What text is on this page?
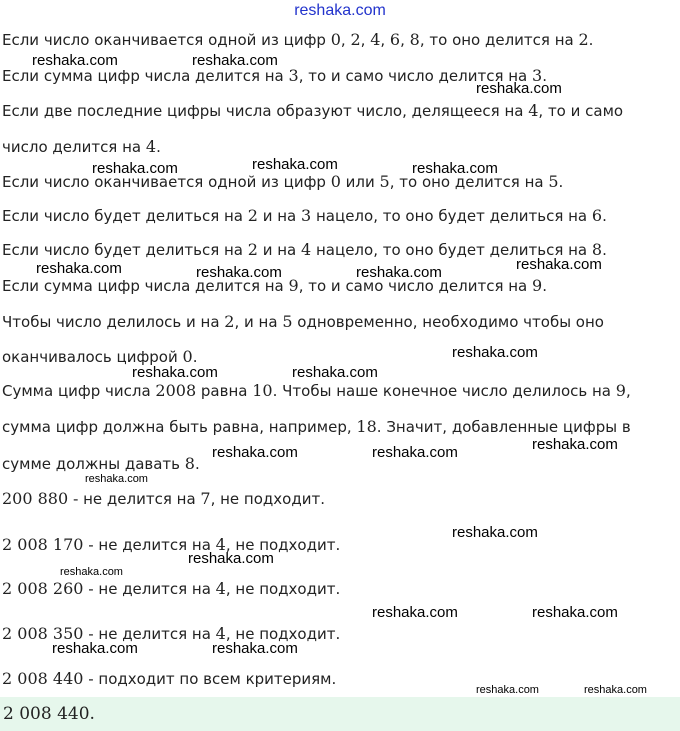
reshaka.com
Если число оканчивается одной из цифр 0, 2, 4, 6, 8, то оно делится на 2.
Если сумма цифр числа делится на 3, то и само число делится на 3.
Если две последние цифры числа образуют число, делящееся на 4, то и само
число делится на 4.
Если число оканчивается одной из цифр 0 или 5, то оно делится на 5.
Если число будет делиться на 2 и на 3 нацело, то оно будет делиться на 6.
Если число будет делиться на 2 и на 4 нацело, то оно будет делиться на 8.
Если сумма цифр числа делится на 9, то и само число делится на 9.
Чтобы число делилось и на 2, и на 5 одновременно, необходимо чтобы оно
оканчивалось цифрой 0.
Сумма цифр числа 2008 равна 10. Чтобы наше конечное число делилось на 9,
сумма цифр должна быть равна, например, 18. Значит, добавленные цифры в
сумме должны давать 8.
200 880 - не делится на 7, не подходит.
2 008 170 - не делится на 4, не подходит.
2 008 260 - не делится на 4, не подходит.
2 008 350 - не делится на 4, не подходит.
2 008 440 - подходит по всем критериям.
reshaka.com	reshaka.com
reshaka.com
reshaka.com	reshaka.com	reshaka.com
reshaka.com	reshaka.com	reshaka.com	reshaka.com
reshaka.com
reshaka.com	reshaka.com
reshaka.com
reshaka.com	reshaka.com
reshaka.com
reshaka.com
reshaka.com
reshaka.com
reshaka.com	reshaka.com
reshaka.com	reshaka.com
reshaka.com	reshaka.com
2 008 440.
